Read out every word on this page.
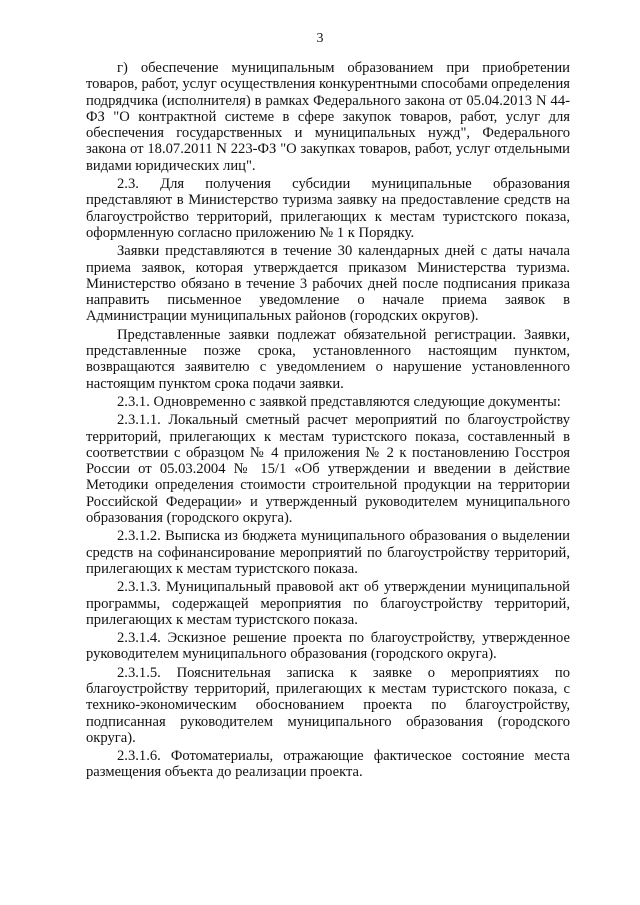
3

г) обеспечение муниципальным образованием при приобретении товаров, работ, услуг осуществления конкурентными способами определения подрядчика (исполнителя) в рамках Федерального закона от 05.04.2013 N 44-ФЗ "О контрактной системе в сфере закупок товаров, работ, услуг для обеспечения государственных и муниципальных нужд", Федерального закона от 18.07.2011 N 223-ФЗ "О закупках товаров, работ, услуг отдельными видами юридических лиц".

2.3. Для получения субсидии муниципальные образования представляют в Министерство туризма заявку на предоставление средств на благоустройство территорий, прилегающих к местам туристского показа, оформленную согласно приложению № 1 к Порядку.

Заявки представляются в течение 30 календарных дней с даты начала приема заявок, которая утверждается приказом Министерства туризма. Министерство обязано в течение 3 рабочих дней после подписания приказа направить письменное уведомление о начале приема заявок в Администрации муниципальных районов (городских округов).

Представленные заявки подлежат обязательной регистрации. Заявки, представленные позже срока, установленного настоящим пунктом, возвращаются заявителю с уведомлением о нарушение установленного настоящим пунктом срока подачи заявки.

2.3.1. Одновременно с заявкой представляются следующие документы:

2.3.1.1. Локальный сметный расчет мероприятий по благоустройству территорий, прилегающих к местам туристского показа, составленный в соответствии с образцом № 4 приложения № 2 к постановлению Госстроя России от 05.03.2004 № 15/1 «Об утверждении и введении в действие Методики определения стоимости строительной продукции на территории Российской Федерации» и утвержденный руководителем муниципального образования (городского округа).

2.3.1.2. Выписка из бюджета муниципального образования о выделении средств на софинансирование мероприятий по благоустройству территорий, прилегающих к местам туристского показа.

2.3.1.3. Муниципальный правовой акт об утверждении муниципальной программы, содержащей мероприятия по благоустройству территорий, прилегающих к местам туристского показа.

2.3.1.4. Эскизное решение проекта по благоустройству, утвержденное руководителем муниципального образования (городского округа).

2.3.1.5. Пояснительная записка к заявке о мероприятиях по благоустройству территорий, прилегающих к местам туристского показа, с технико-экономическим обоснованием проекта по благоустройству, подписанная руководителем муниципального образования (городского округа).

2.3.1.6. Фотоматериалы, отражающие фактическое состояние места размещения объекта до реализации проекта.
